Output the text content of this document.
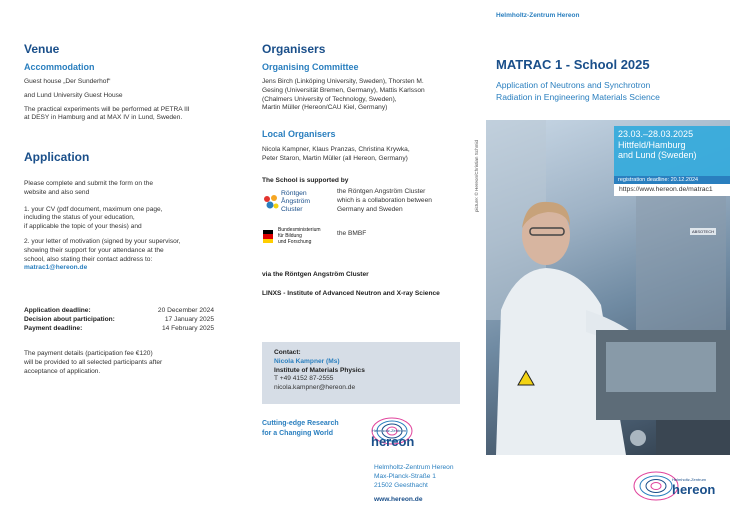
Helmholtz-Zentrum Hereon
Venue
Accommodation
Guest house „Der Sunderhof“
and Lund University Guest House
The practical experiments will be performed at PETRA III
at DESY in Hamburg and at MAX IV in Lund, Sweden.
Application
Please complete and submit the form on the
website and also send
1. your CV (pdf document, maximum one page,
including the status of your education,
if applicable the topic of your thesis) and
2. your letter of motivation (signed by your supervisor,
showing their support for your attendance at the
school, also stating their contact address to:
matrac1@hereon.de
Application deadline:	20 December 2024
Decision about participation:	17 January 2025
Payment deadline:	14 February 2025
The payment details (participation fee €120)
will be provided to all selected participants after
acceptance of application.
Organisers
Organising Committee
Jens Birch (Linköping University, Sweden), Thorsten M.
Gesing (Universität Bremen, Germany), Mattis Karlsson
(Chalmers University of Technology, Sweden),
Martin Müller (Hereon/CAU Kiel, Germany)
Local Organisers
Nicola Kampner, Klaus Pranzas, Christina Krywka,
Peter Staron, Martin Müller (all Hereon, Germany)
The School is supported by
Röntgen
Ångström
Cluster
the Röntgen Angström Cluster
which is a collaboration between
Germany and Sweden
Bundesministerium
für Bildung
und Forschung
the BMBF
via the Röntgen Angström Cluster
LINXS - Institute of Advanced Neutron and X-ray Science
Contact:
Nicola Kampner (Ms)
Institute of Materials Physics
T +49 4152 87-2555
nicola.kampner@hereon.de
Cutting-edge Research
for a Changing World	Helmholtz-Zentrum
hereon
Helmholtz-Zentrum Hereon
Max-Planck-Straße 1
21502 Geesthacht
www.hereon.de
MATRAC 1 - School 2025
Application of Neutrons and Synchrotron
Radiation in Engineering Materials Science
ABSOTECH
23.03.–28.03.2025
Hittfeld/Hamburg
and Lund (Sweden)
registration deadline: 20.12.2024
https://www.hereon.de/matrac1
picture: © Hereon/Christian Schmid
Helmholtz-Zentrum
hereon
